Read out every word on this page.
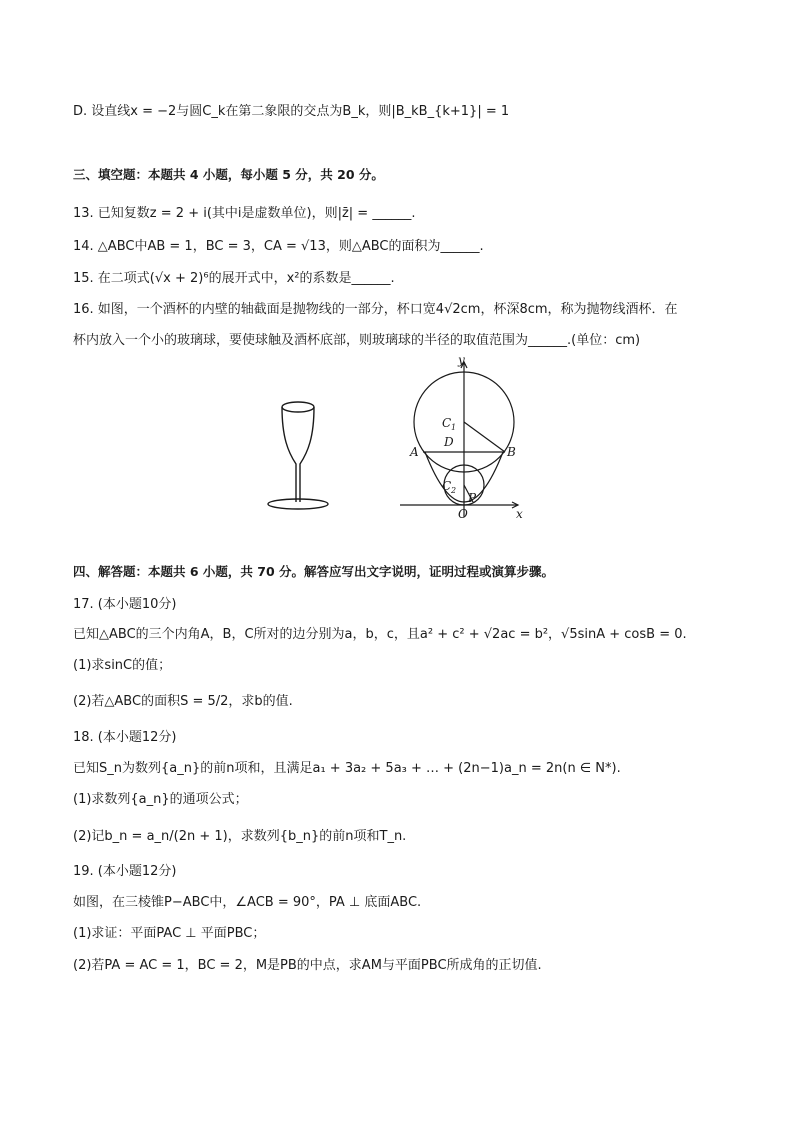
D. 设直线x = −2与圆C_k在第二象限的交点为B_k，则|B_kB_{k+1}| = 1
三、填空题：本题共 4 小题，每小题 5 分，共 20 分。
13. 已知复数z = 2 + i(其中i是虚数单位)，则|z̄| = ______.
14. △ABC中AB = 1，BC = 3，CA = √13，则△ABC的面积为______.
15. 在二项式(√x + 2)⁶的展开式中，x²的系数是______.
16. 如图，一个酒杯的内壁的轴截面是抛物线的一部分，杯口宽4√2cm，杯深8cm，称为抛物线酒杯．在
杯内放入一个小的玻璃球，要使球触及酒杯底部，则玻璃球的半径的取值范围为______.(单位：cm)
y
x
C 1
D
A	B
C 2
P
O
四、解答题：本题共 6 小题，共 70 分。解答应写出文字说明，证明过程或演算步骤。
17. (本小题10分)
已知△ABC的三个内角A，B，C所对的边分别为a，b，c，且a² + c² + √2ac = b²，√5sinA + cosB = 0.
(1)求sinC的值；
(2)若△ABC的面积S = 5/2，求b的值.
18. (本小题12分)
已知S_n为数列{a_n}的前n项和，且满足a₁ + 3a₂ + 5a₃ + … + (2n−1)a_n = 2n(n ∈ N*).
(1)求数列{a_n}的通项公式；
(2)记b_n = a_n/(2n + 1)，求数列{b_n}的前n项和T_n.
19. (本小题12分)
如图，在三棱锥P−ABC中，∠ACB = 90°，PA ⊥ 底面ABC.
(1)求证：平面PAC ⊥ 平面PBC；
(2)若PA = AC = 1，BC = 2，M是PB的中点，求AM与平面PBC所成角的正切值.
